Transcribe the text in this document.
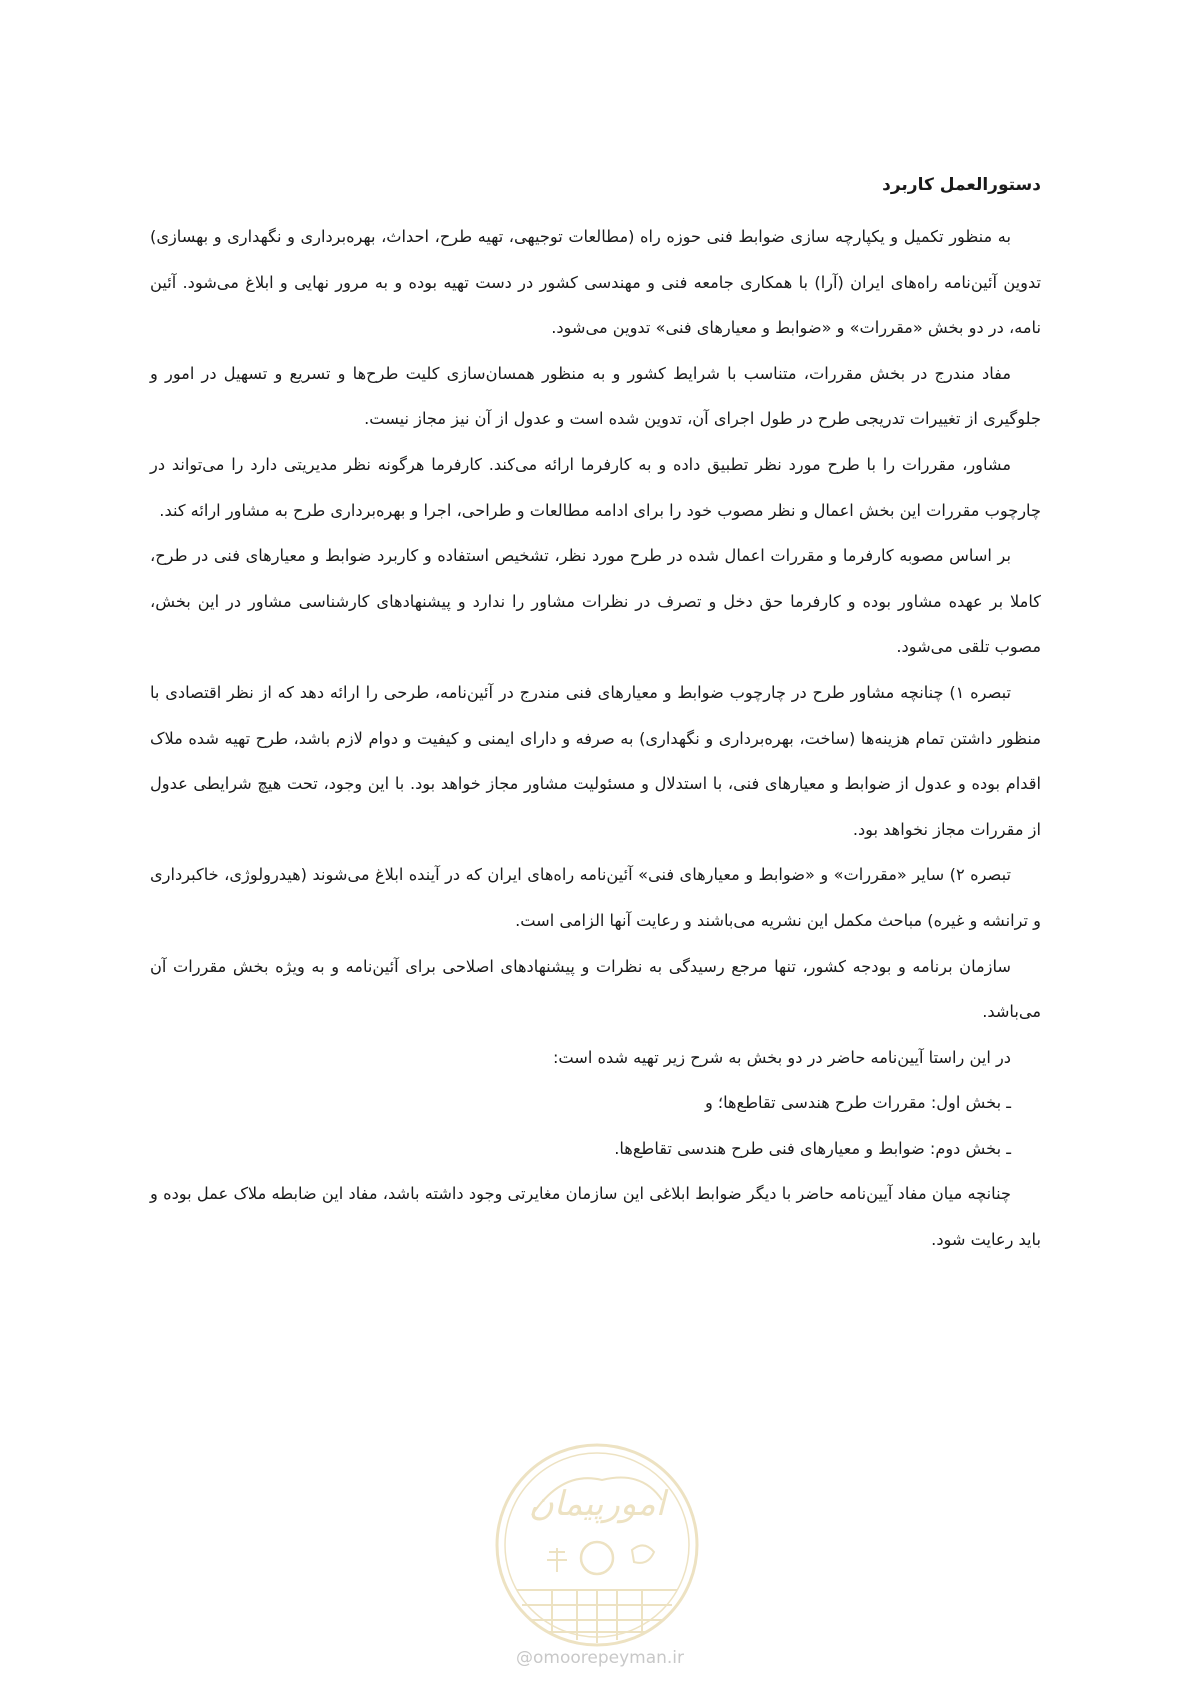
دستورالعمل کاربرد

به منظور تکمیل و یکپارچه سازی ضوابط فنی حوزه راه (مطالعات توجیهی، تهیه طرح، احداث، بهره‌برداری و نگهداری و بهسازی) تدوین آئین‌نامه راه‌های ایران (آرا) با همکاری جامعه فنی و مهندسی کشور در دست تهیه بوده و به مرور نهایی و ابلاغ می‌شود. آئین نامه، در دو بخش «مقررات» و «ضوابط و معیارهای فنی» تدوین می‌شود.

مفاد مندرج در بخش مقررات، متناسب با شرایط کشور و به منظور همسان‌سازی کلیت طرح‌ها و تسریع و تسهیل در امور و جلوگیری از تغییرات تدریجی طرح در طول اجرای آن، تدوین شده است و عدول از آن نیز مجاز نیست.

مشاور، مقررات را با طرح مورد نظر تطبیق داده و به کارفرما ارائه می‌کند. کارفرما هرگونه نظر مدیریتی دارد را می‌تواند در چارچوب مقررات این بخش اعمال و نظر مصوب خود را برای ادامه مطالعات و طراحی، اجرا و بهره‌برداری طرح به مشاور ارائه کند.

بر اساس مصوبه کارفرما و مقررات اعمال شده در طرح مورد نظر، تشخیص استفاده و کاربرد ضوابط و معیارهای فنی در طرح، کاملا بر عهده مشاور بوده و کارفرما حق دخل و تصرف در نظرات مشاور را ندارد و پیشنهادهای کارشناسی مشاور در این بخش، مصوب تلقی می‌شود.

تبصره ۱) چنانچه مشاور طرح در چارچوب ضوابط و معیارهای فنی مندرج در آئین‌نامه، طرحی را ارائه دهد که از نظر اقتصادی با منظور داشتن تمام هزینه‌ها (ساخت، بهره‌برداری و نگهداری) به صرفه و دارای ایمنی و کیفیت و دوام لازم باشد، طرح تهیه شده ملاک اقدام بوده و عدول از ضوابط و معیارهای فنی، با استدلال و مسئولیت مشاور مجاز خواهد بود. با این وجود، تحت هیچ شرایطی عدول از مقررات مجاز نخواهد بود.

تبصره ۲) سایر «مقررات» و «ضوابط و معیارهای فنی» آئین‌نامه راه‌های ایران که در آینده ابلاغ می‌شوند (هیدرولوژی، خاکبرداری و ترانشه و غیره) مباحث مکمل این نشریه می‌باشند و رعایت آنها الزامی است.

سازمان برنامه و بودجه کشور، تنها مرجع رسیدگی به نظرات و پیشنهادهای اصلاحی برای آئین‌نامه و به ویژه بخش مقررات آن می‌باشد.

در این راستا آیین‌نامه حاضر در دو بخش به شرح زیر تهیه شده است:

ـ بخش اول: مقررات طرح هندسی تقاطع‌ها؛ و

ـ بخش دوم: ضوابط و معیارهای فنی طرح هندسی تقاطع‌ها.

چنانچه میان مفاد آیین‌نامه حاضر با دیگر ضوابط ابلاغی این سازمان مغایرتی وجود داشته باشد، مفاد این ضابطه ملاک عمل بوده و باید رعایت شود.

امورپیمان
@omoorepeyman.ir
